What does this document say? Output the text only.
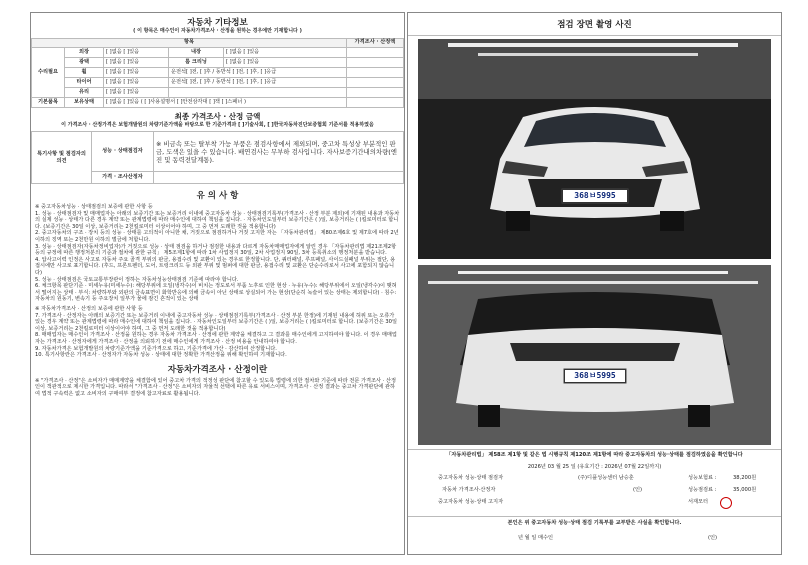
자동차 기타정보
( 이 항목은 매수인이 자동차가격조사 · 산정을 원하는 경우에만 기재합니다 )
항목					가격조사 · 산정액
수리필요	외장	[ ]없음 [ ]있음	내장	[ ]없음 [ ]있음	
	광택	[ ]없음 [ ]있음	룸 크리닝	[ ]없음 [ ]있음	
	휠	[ ]없음 [ ]있음	운전석[ ]전, [ ]후 / 동반석 [ ]전, [ ]후, [ ]응급		
	타이어	[ ]없음 [ ]있음	운전석[ ]전, [ ]후 / 동반석 [ ]전, [ ]후, [ ]응급		
	유리	[ ]없음 [ ]있음			
기본품목	보유상태	[ ]없음 [ ]있음 ( [ ]사용설명서 [ ]안전삼각대 [ ]잭 [ ]스패너 )			
최종 가격조사 · 산정 금액
이 가격조사 · 산정가격은 보험개발원의 차량기준가액을 바탕으로 한 기준가격과 [ ]기술사회, [ ]한국자동차진단보증협회 기준서를 적용하였음
특기사항 및 점검자의 의견	성능 · 상태점검자	※ 비금속 또는 탈부착 가능 부품은 점검사항에서 제외되며, 중고차 특성상 부분적인 판금, 도색은 있을 수 있습니다. 배연검사는 무부하 검사입니다. 자사보증기간내의차량(엔진 및 동력전달계통).
	가격 · 조사산정자	
유 의 사 항
※ 중고자동차성능 · 상태점검의 보증에 관한 사항 등
1. 성능 · 상태점검자 및 매매업자는 아래의 보증기간 또는 보증거리 이내에 중고자동차 성능 · 상태점검기록부(가격조사 · 산정 부분 제외)에 기재된 내용과 자동차의 실제 성능 · 상태가 다른 경우 계약 또는 관계법령에 따라 매수인에 대하여 책임을 집니다. · 자동차인도일부터 보증기간은 ( )일, 보증거리는 ( )킬로미터로 합니다. (보증기간은 30일 이상, 보증거리는 2천킬로미터 이상이어야 하며, 그 중 먼저 도래한 것을 적용합니다)
2. 중고자동차의 구조 · 장치 등의 성능 · 상태를 고의적이 아니한 채, 거짓으로 점검하거나 거짓 고지한 자는 「자동차관리법」 제80조제6호 및 제7호에 따라 2년 이하의 징역 또는 2천만원 이하의 벌금에 처합니다.
3. 성능 · 상태점검자(자동차정비업자)가 거짓으로 성능 · 상태 점검을 하거나 점검한 내용과 다르게 자동차매매업자에게 알린 경우 「자동차관리법 제21조제2항 등의 규정에 따른 행정처분의 기준과 절차에 관한 규칙」 제5조제1항에 따라 1차 사업정지 30일, 2차 사업정지 90일, 3차 등록취소의 행정처분을 받습니다.
4. 압사고이력 인정은 사고로 자동차 주요 골격 부위의 판금, 용접수리 및 교환이 있는 경우로 한정합니다. 단, 쿼터패널, 루프패널, 사이드실패널 부위는 절단, 용접시에만 사고로 표기합니다. (후드, 프론트펜더, 도어, 트렁크리드 등 외판 부위 및 범퍼에 대한 판금, 용접수리 및 교환은 단순수리로서 사고에 포함되지 않습니다)
5. 성능 · 상태점검은 국토교통부장관이 정하는 자동차성능상태점검 기준에 따라야 합니다.
6. 체크항목 판단기준 · 미세누유(미세누수): 해당부위에 오일(냉각수)이 비치는 정도로서 부품 노후로 인한 현상 · 누유(누수): 해당부위에서 오일(냉각수)이 맺혀서 떨어지는 상태 · 부식: 차량하부와 외판의 금속표면이 화학반응에 의해 금속이 아닌 상태로 상실되어 가는 현상(단순히 녹슬어 있는 상태는 제외합니다) · 침수: 자동차의 원동기, 변속기 등 주요장치 일부가 물에 잠긴 흔적이 있는 상태
※ 자동차가격조사 · 산정의 보증에 관한 사항 등
7. 가격조사 · 산정자는 아래의 보증기간 또는 보증거리 이내에 중고자동차 성능 · 상태점검기록부(가격조사 · 산정 부분 한정)에 기재된 내용에 허위 또는 오류가 있는 경우 계약 또는 관계법령에 따라 매수인에 대하여 책임을 집니다. · 자동차인도일부터 보증기간은 ( )일, 보증거리는 ( )킬로미터로 합니다. (보증기간은 30일 이상, 보증거리는 2천킬로미터 이상이어야 하며, 그 중 먼저 도래한 것을 적용합니다)
8. 매매업자는 매수인이 가격조사 · 산정을 원하는 경우 자동차 가격조사 · 산정에 관한 계약을 체결하고 그 결과를 매수인에게 고지하여야 합니다. 이 경우 매매업자는 가격조사 · 산정자에게 가격조사 · 산정을 의뢰하기 전에 매수인에게 가격조사 · 산정 비용을 안내하여야 합니다.
9. 자동차가격은 보험개발원의 차량기준가액을 기준가격으로 하고, 기준가격에 가산 · 감산하여 산정합니다.
10. 특기사항란은 가격조사 · 산정자가 자동차 성능 · 상태에 대한 정확한 가격산정을 위해 확인하여 기재합니다.
자동차가격조사 · 산정이란
※ "가격조사 · 산정"은 소비자가 매매계약을 체결함에 있어 중고차 가격의 적정성 판단에 참고할 수 있도록 법령에 의한 절차와 기준에 따라 전문 가격조사 · 산정인이 객관적으로 제시한 가격입니다. 따라서 "가격조사 · 산정"은 소비자의 자율적 선택에 따른 유료 서비스이며, 가격조사 · 산정 결과는 중고차 가격판단에 관하여 법적 구속력은 없고 소비자의 구매여부 결정에 참고자료로 활용됩니다.
점검 장면 촬영 사진
368ㅂ5995
368ㅂ5995
「자동차관리법」 제58조 제1항 및 같은 법 시행규칙 제120조 제1항에 따라 중고자동차의 성능·상태를 점검하였음을 확인합니다
2026년 03 월 25 일 (유효기간 : 2026년 07월 22일까지)
중고자동차 성능·상태 점검자	(주)디플성능센터 남승훈	성능보험료 :	38,200원
자동차 가격조사·산정자	(인)	성능점검료 :	35,000원
중고자동차 성능·상태 고지자	서재모터
본인은 위 중고자동차 성능·상태 점검 기록부를 교부받은 사실을 확인합니다.
년 월 일 매수인	(인)
